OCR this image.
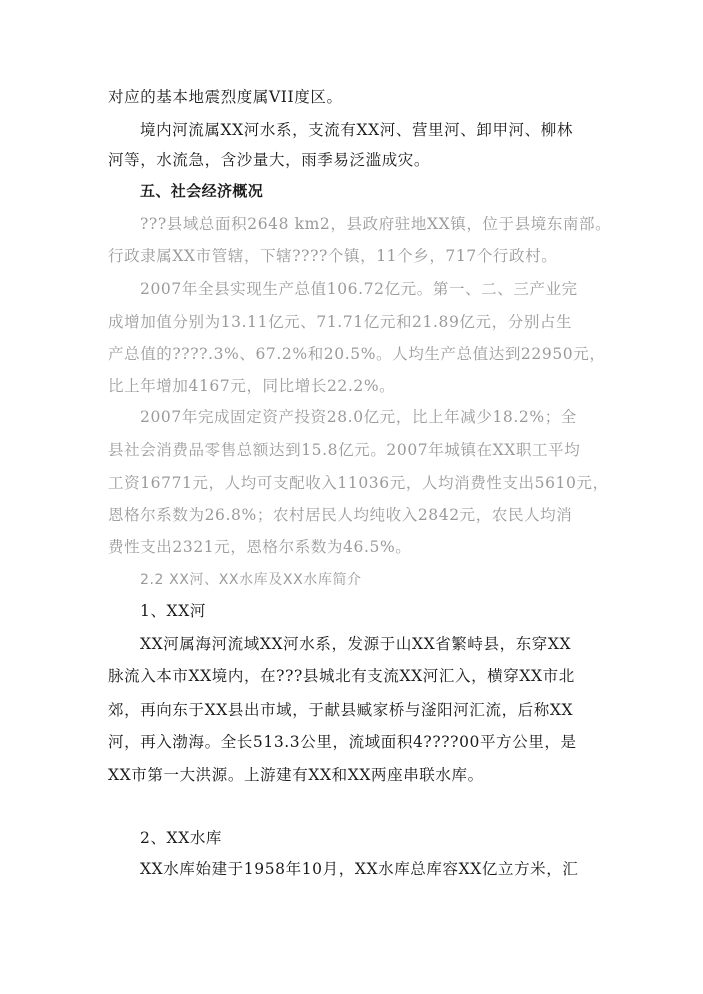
对应的基本地震烈度属VII度区。
境内河流属XX河水系，支流有XX河、营里河、卸甲河、柳林
河等，水流急，含沙量大，雨季易泛滥成灾。
五、社会经济概况
???县域总面积2648 km2，县政府驻地XX镇，位于县境东南部。
行政隶属XX市管辖，下辖????个镇，11个乡，717个行政村。
2007年全县实现生产总值106.72亿元。第一、二、三产业完
成增加值分别为13.11亿元、71.71亿元和21.89亿元，分别占生
产总值的????.3%、67.2%和20.5%。人均生产总值达到22950元，
比上年增加4167元，同比增长22.2%。
2007年完成固定资产投资28.0亿元，比上年减少18.2%；全
县社会消费品零售总额达到15.8亿元。2007年城镇在XX职工平均
工资16771元，人均可支配收入11036元，人均消费性支出5610元，
恩格尔系数为26.8%；农村居民人均纯收入2842元，农民人均消
费性支出2321元，恩格尔系数为46.5%。
2.2 XX河、XX水库及XX水库简介
1、XX河
XX河属海河流域XX河水系，发源于山XX省繁峙县，东穿XX
脉流入本市XX境内，在???县城北有支流XX河汇入，横穿XX市北
郊，再向东于XX县出市域，于献县臧家桥与滏阳河汇流，后称XX
河，再入渤海。全长513.3公里，流域面积4????00平方公里，是
XX市第一大洪源。上游建有XX和XX两座串联水库。
2、XX水库
XX水库始建于1958年10月，XX水库总库容XX亿立方米，汇
